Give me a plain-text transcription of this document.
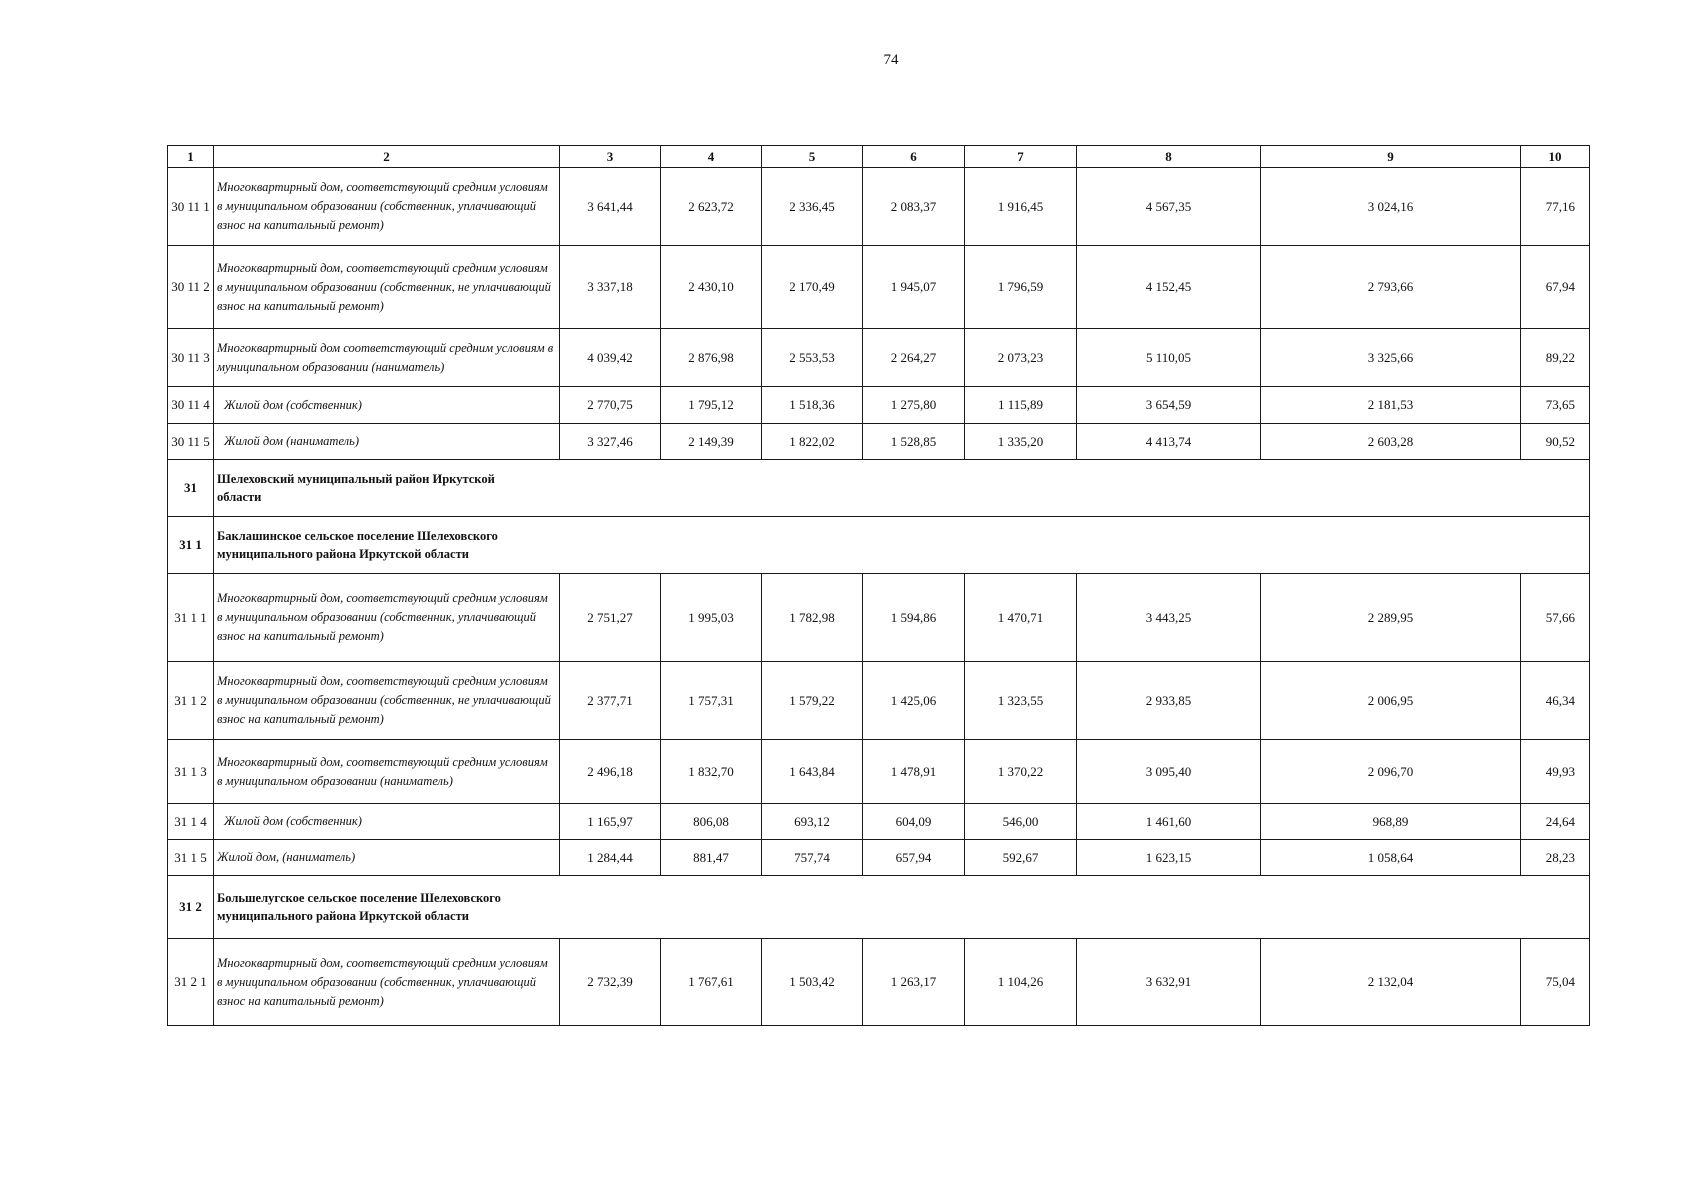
74
1	2	3	4	5	6	7	8	9	10
30 11 1	Многоквартирный дом, соответствующий средним условиям в муниципальном образовании (собственник, уплачивающий взнос на капитальный ремонт)	3 641,44	2 623,72	2 336,45	2 083,37	1 916,45	4 567,35	3 024,16	77,16
30 11 2	Многоквартирный дом, соответствующий средним условиям в муниципальном образовании (собственник, не уплачивающий взнос на капитальный ремонт)	3 337,18	2 430,10	2 170,49	1 945,07	1 796,59	4 152,45	2 793,66	67,94
30 11 3	Многоквартирный дом соответствующий средним условиям в муниципальном образовании (наниматель)	4 039,42	2 876,98	2 553,53	2 264,27	2 073,23	5 110,05	3 325,66	89,22
30 11 4	Жилой дом (собственник)	2 770,75	1 795,12	1 518,36	1 275,80	1 115,89	3 654,59	2 181,53	73,65
30 11 5	Жилой дом (наниматель)	3 327,46	2 149,39	1 822,02	1 528,85	1 335,20	4 413,74	2 603,28	90,52
31	Шелеховский муниципальный район Иркутской области								

31 1	Баклашинское сельское поселение Шелеховского муниципального района Иркутской области								

31 1 1	Многоквартирный дом, соответствующий средним условиям в муниципальном образовании (собственник, уплачивающий взнос на капитальный ремонт)	2 751,27	1 995,03	1 782,98	1 594,86	1 470,71	3 443,25	2 289,95	57,66
31 1 2	Многоквартирный дом, соответствующий средним условиям в муниципальном образовании (собственник, не уплачивающий взнос на капитальный ремонт)	2 377,71	1 757,31	1 579,22	1 425,06	1 323,55	2 933,85	2 006,95	46,34
31 1 3	Многоквартирный дом, соответствующий средним условиям в муниципальном образовании (наниматель)	2 496,18	1 832,70	1 643,84	1 478,91	1 370,22	3 095,40	2 096,70	49,93
31 1 4	Жилой дом (собственник)	1 165,97	806,08	693,12	604,09	546,00	1 461,60	968,89	24,64
31 1 5	Жилой дом, (наниматель)	1 284,44	881,47	757,74	657,94	592,67	1 623,15	1 058,64	28,23
31 2	Большелугское сельское поселение Шелеховского муниципального района Иркутской области								

31 2 1	Многоквартирный дом, соответствующий средним условиям в муниципальном образовании (собственник, уплачивающий взнос на капитальный ремонт)	2 732,39	1 767,61	1 503,42	1 263,17	1 104,26	3 632,91	2 132,04	75,04
